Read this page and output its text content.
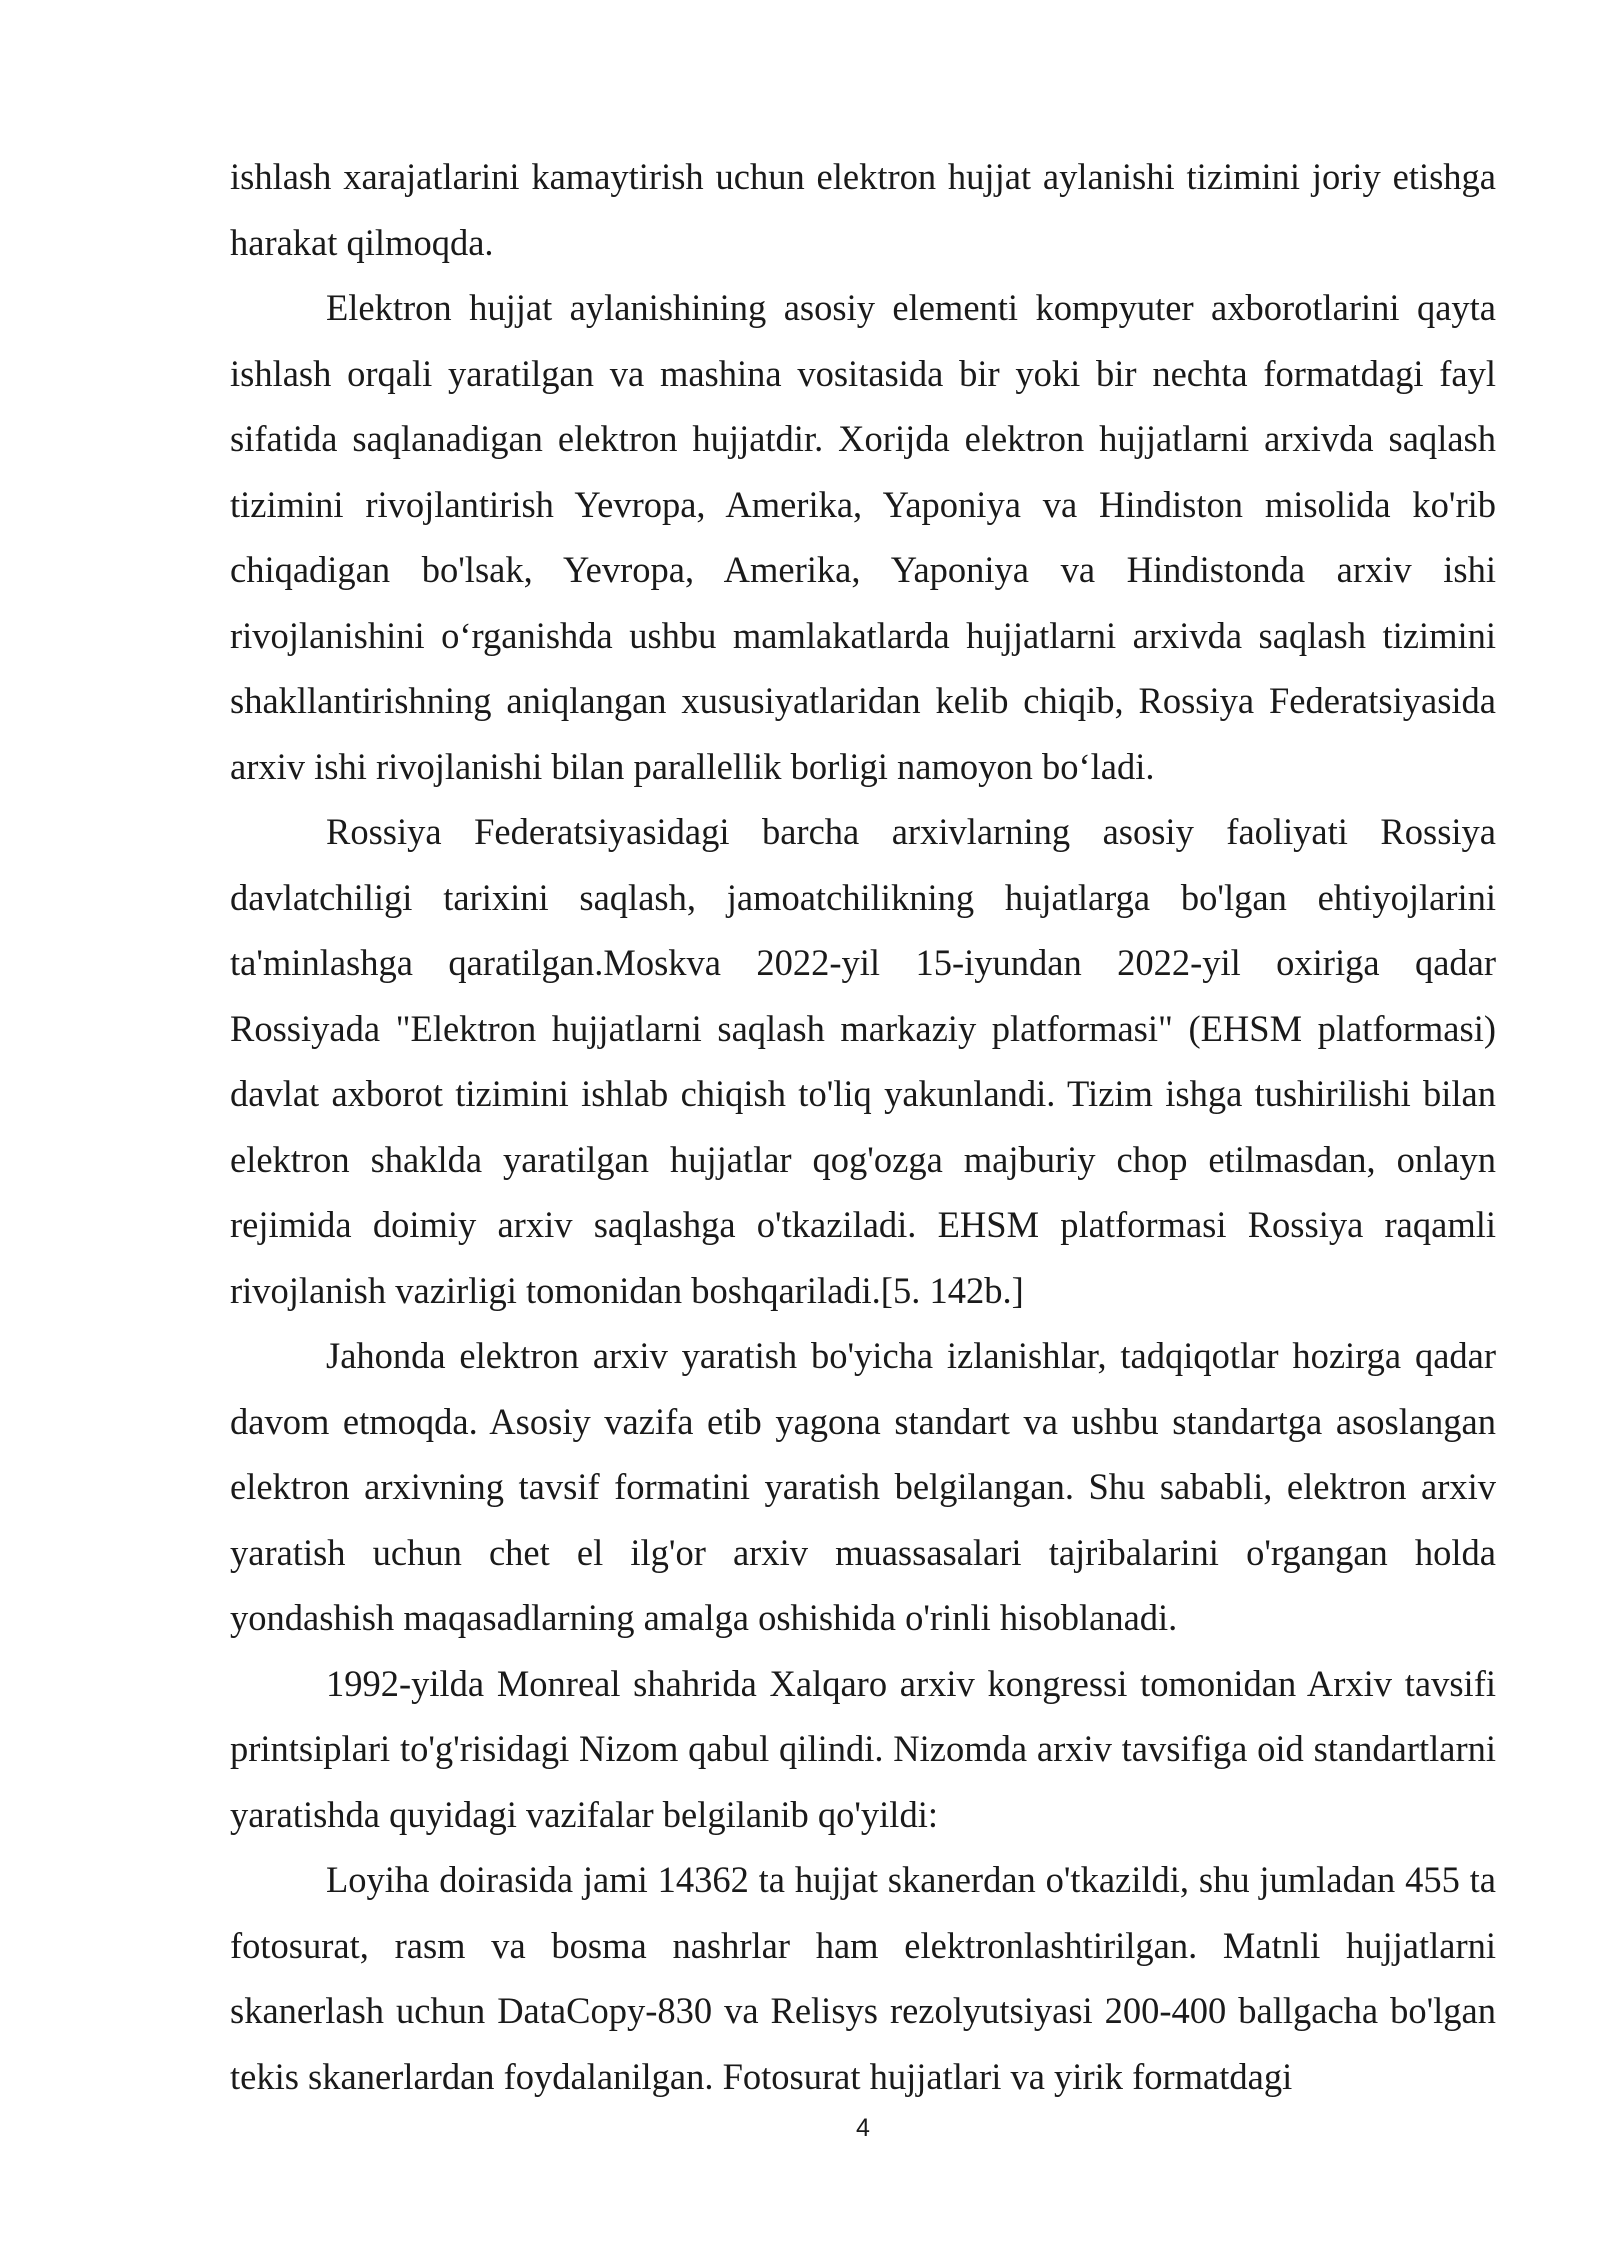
ishlash xarajatlarini kamaytirish uchun elektron hujjat aylanishi tizimini joriy etishga harakat qilmoqda.

Elektron hujjat aylanishining asosiy elementi kompyuter axborotlarini qayta ishlash orqali yaratilgan va mashina vositasida bir yoki bir nechta formatdagi fayl sifatida saqlanadigan elektron hujjatdir. Xorijda elektron hujjatlarni arxivda saqlash tizimini rivojlantirish Yevropa, Amerika, Yaponiya va Hindiston misolida ko'rib chiqadigan bo'lsak, Yevropa, Amerika, Yaponiya va Hindistonda arxiv ishi rivojlanishini o‘rganishda ushbu mamlakatlarda hujjatlarni arxivda saqlash tizimini shakllantirishning aniqlangan xususiyatlaridan kelib chiqib, Rossiya Federatsiyasida arxiv ishi rivojlanishi bilan parallellik borligi namoyon bo‘ladi.

Rossiya Federatsiyasidagi barcha arxivlarning asosiy faoliyati Rossiya davlatchiligi tarixini saqlash, jamoatchilikning hujatlarga bo'lgan ehtiyojlarini ta'minlashga qaratilgan.Moskva 2022-yil 15-iyundan 2022-yil oxiriga qadar Rossiyada "Elektron hujjatlarni saqlash markaziy platformasi" (EHSM platformasi) davlat axborot tizimini ishlab chiqish to'liq yakunlandi. Tizim ishga tushirilishi bilan elektron shaklda yaratilgan hujjatlar qog'ozga majburiy chop etilmasdan, onlayn rejimida doimiy arxiv saqlashga o'tkaziladi. EHSM platformasi Rossiya raqamli rivojlanish vazirligi tomonidan boshqariladi.[5. 142b.]

Jahonda elektron arxiv yaratish bo'yicha izlanishlar, tadqiqotlar hozirga qadar davom etmoqda. Asosiy vazifa etib yagona standart va ushbu standartga asoslangan elektron arxivning tavsif formatini yaratish belgilangan. Shu sababli, elektron arxiv yaratish uchun chet el ilg'or arxiv muassasalari tajribalarini o'rgangan holda yondashish maqasadlarning amalga oshishida o'rinli hisoblanadi.

1992-yilda Monreal shahrida Xalqaro arxiv kongressi tomonidan Arxiv tavsifi printsiplari to'g'risidagi Nizom qabul qilindi. Nizomda arxiv tavsifiga oid standartlarni yaratishda quyidagi vazifalar belgilanib qo'yildi:

Loyiha doirasida jami 14362 ta hujjat skanerdan o'tkazildi, shu jumladan 455 ta fotosurat, rasm va bosma nashrlar ham elektronlashtirilgan. Matnli hujjatlarni skanerlash uchun DataCopy-830 va Relisys rezolyutsiyasi 200-400 ballgacha bo'lgan tekis skanerlardan foydalanilgan. Fotosurat hujjatlari va yirik formatdagi

4
